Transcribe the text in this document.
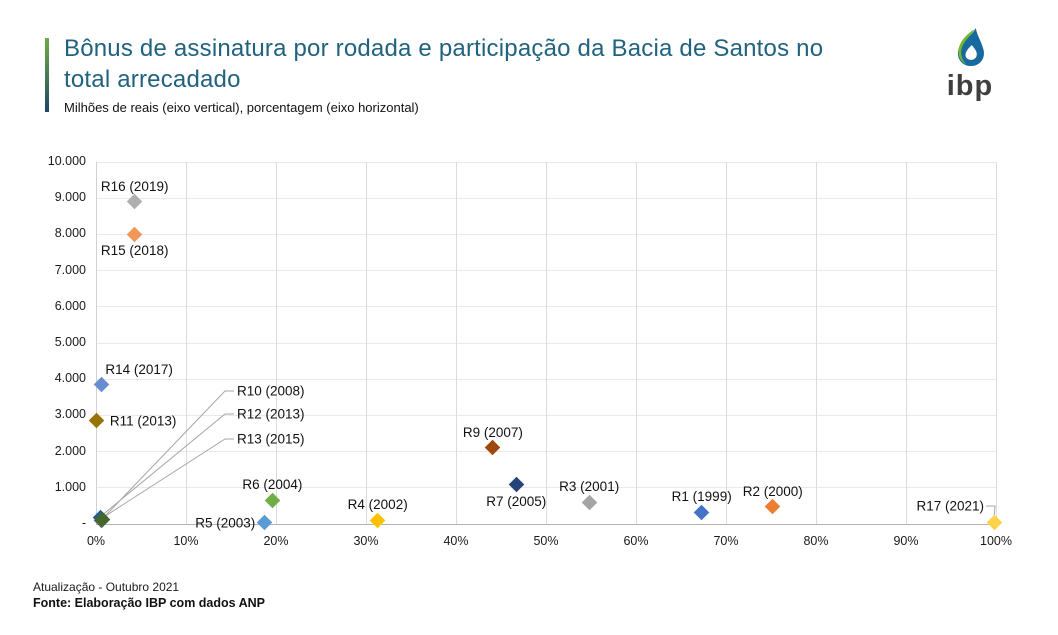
Bônus de assinatura por rodada e participação da Bacia de Santos no total arrecadado
Milhões de reais (eixo vertical), porcentagem (eixo horizontal)
ibp
10.000
9.000
8.000
7.000
6.000
5.000
4.000
3.000
2.000
1.000
-
0%	10%	20%	30%	40%	50%	60%	70%	80%	90%	100%
R1 (1999) R2 (2000)
R3 (2001)
R4 (2002)
R5 (2003)
R6 (2004)
R7 (2005)
R9 (2007)
R10 (2008)
R11 (2013)	R12 (2013)
R13 (2015)
R14 (2017)
R15 (2018)
R16 (2019)
R17 (2021)
Atualização - Outubro 2021
Fonte: Elaboração IBP com dados ANP
